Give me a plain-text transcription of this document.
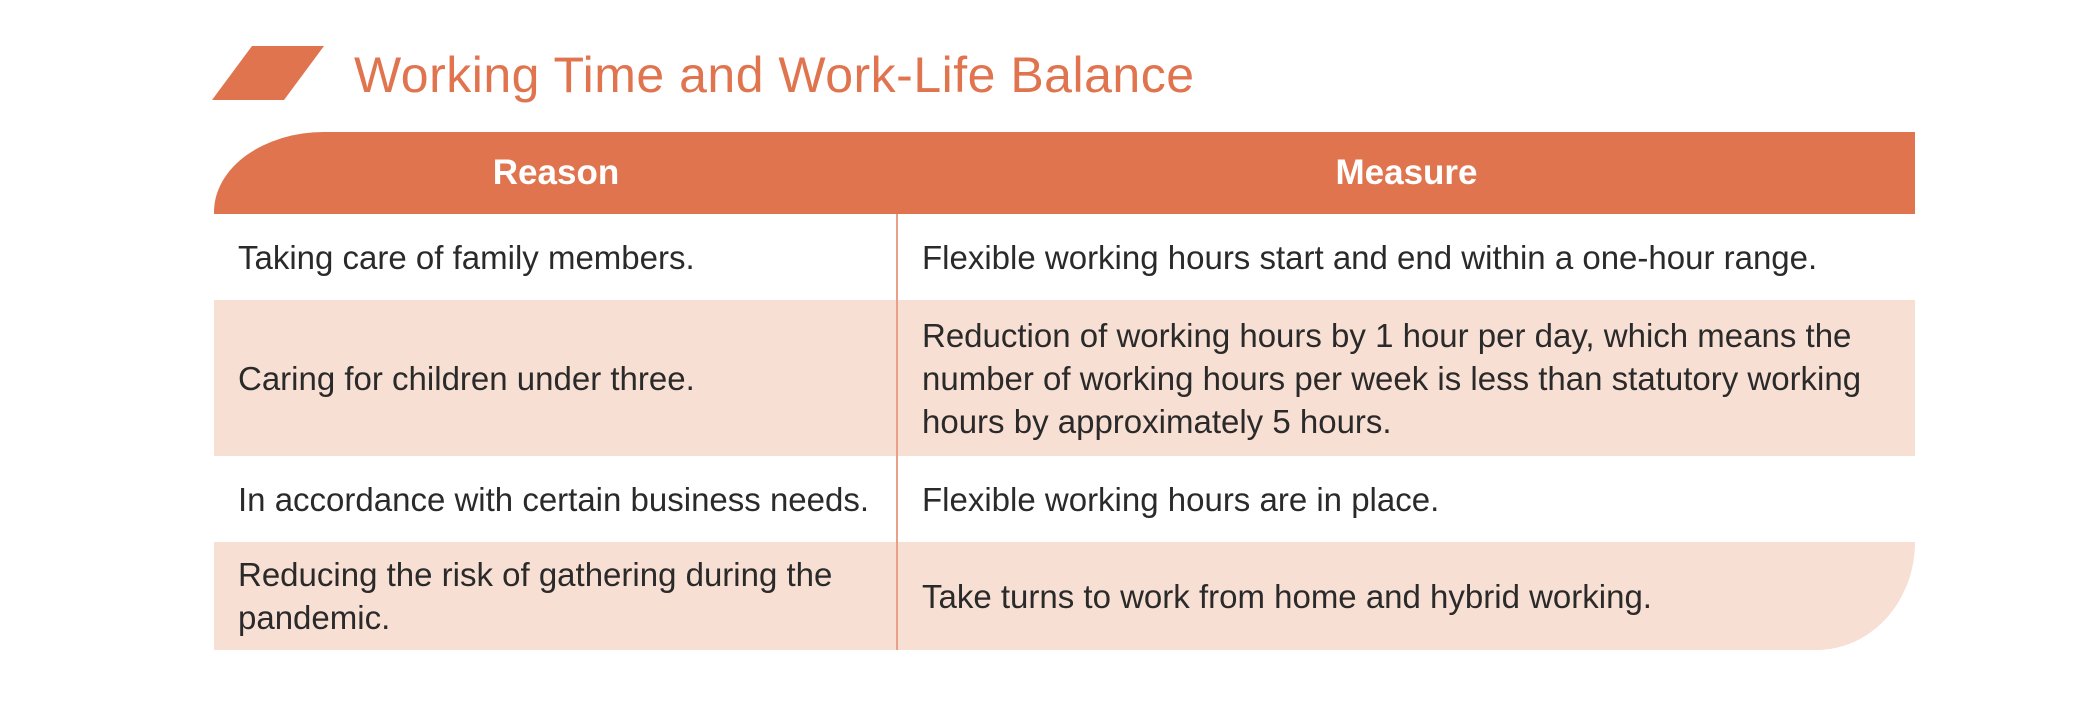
Working Time and Work-Life Balance
Reason	Measure
Taking care of family members.	Flexible working hours start and end within a one-hour range.
Caring for children under three.
Reduction of working hours by 1 hour per day, which means the number of working hours per week is less than statutory working hours by approximately 5 hours.
In accordance with certain business needs. Flexible working hours are in place.
Reducing the risk of gathering during the pandemic.
Take turns to work from home and hybrid working.
